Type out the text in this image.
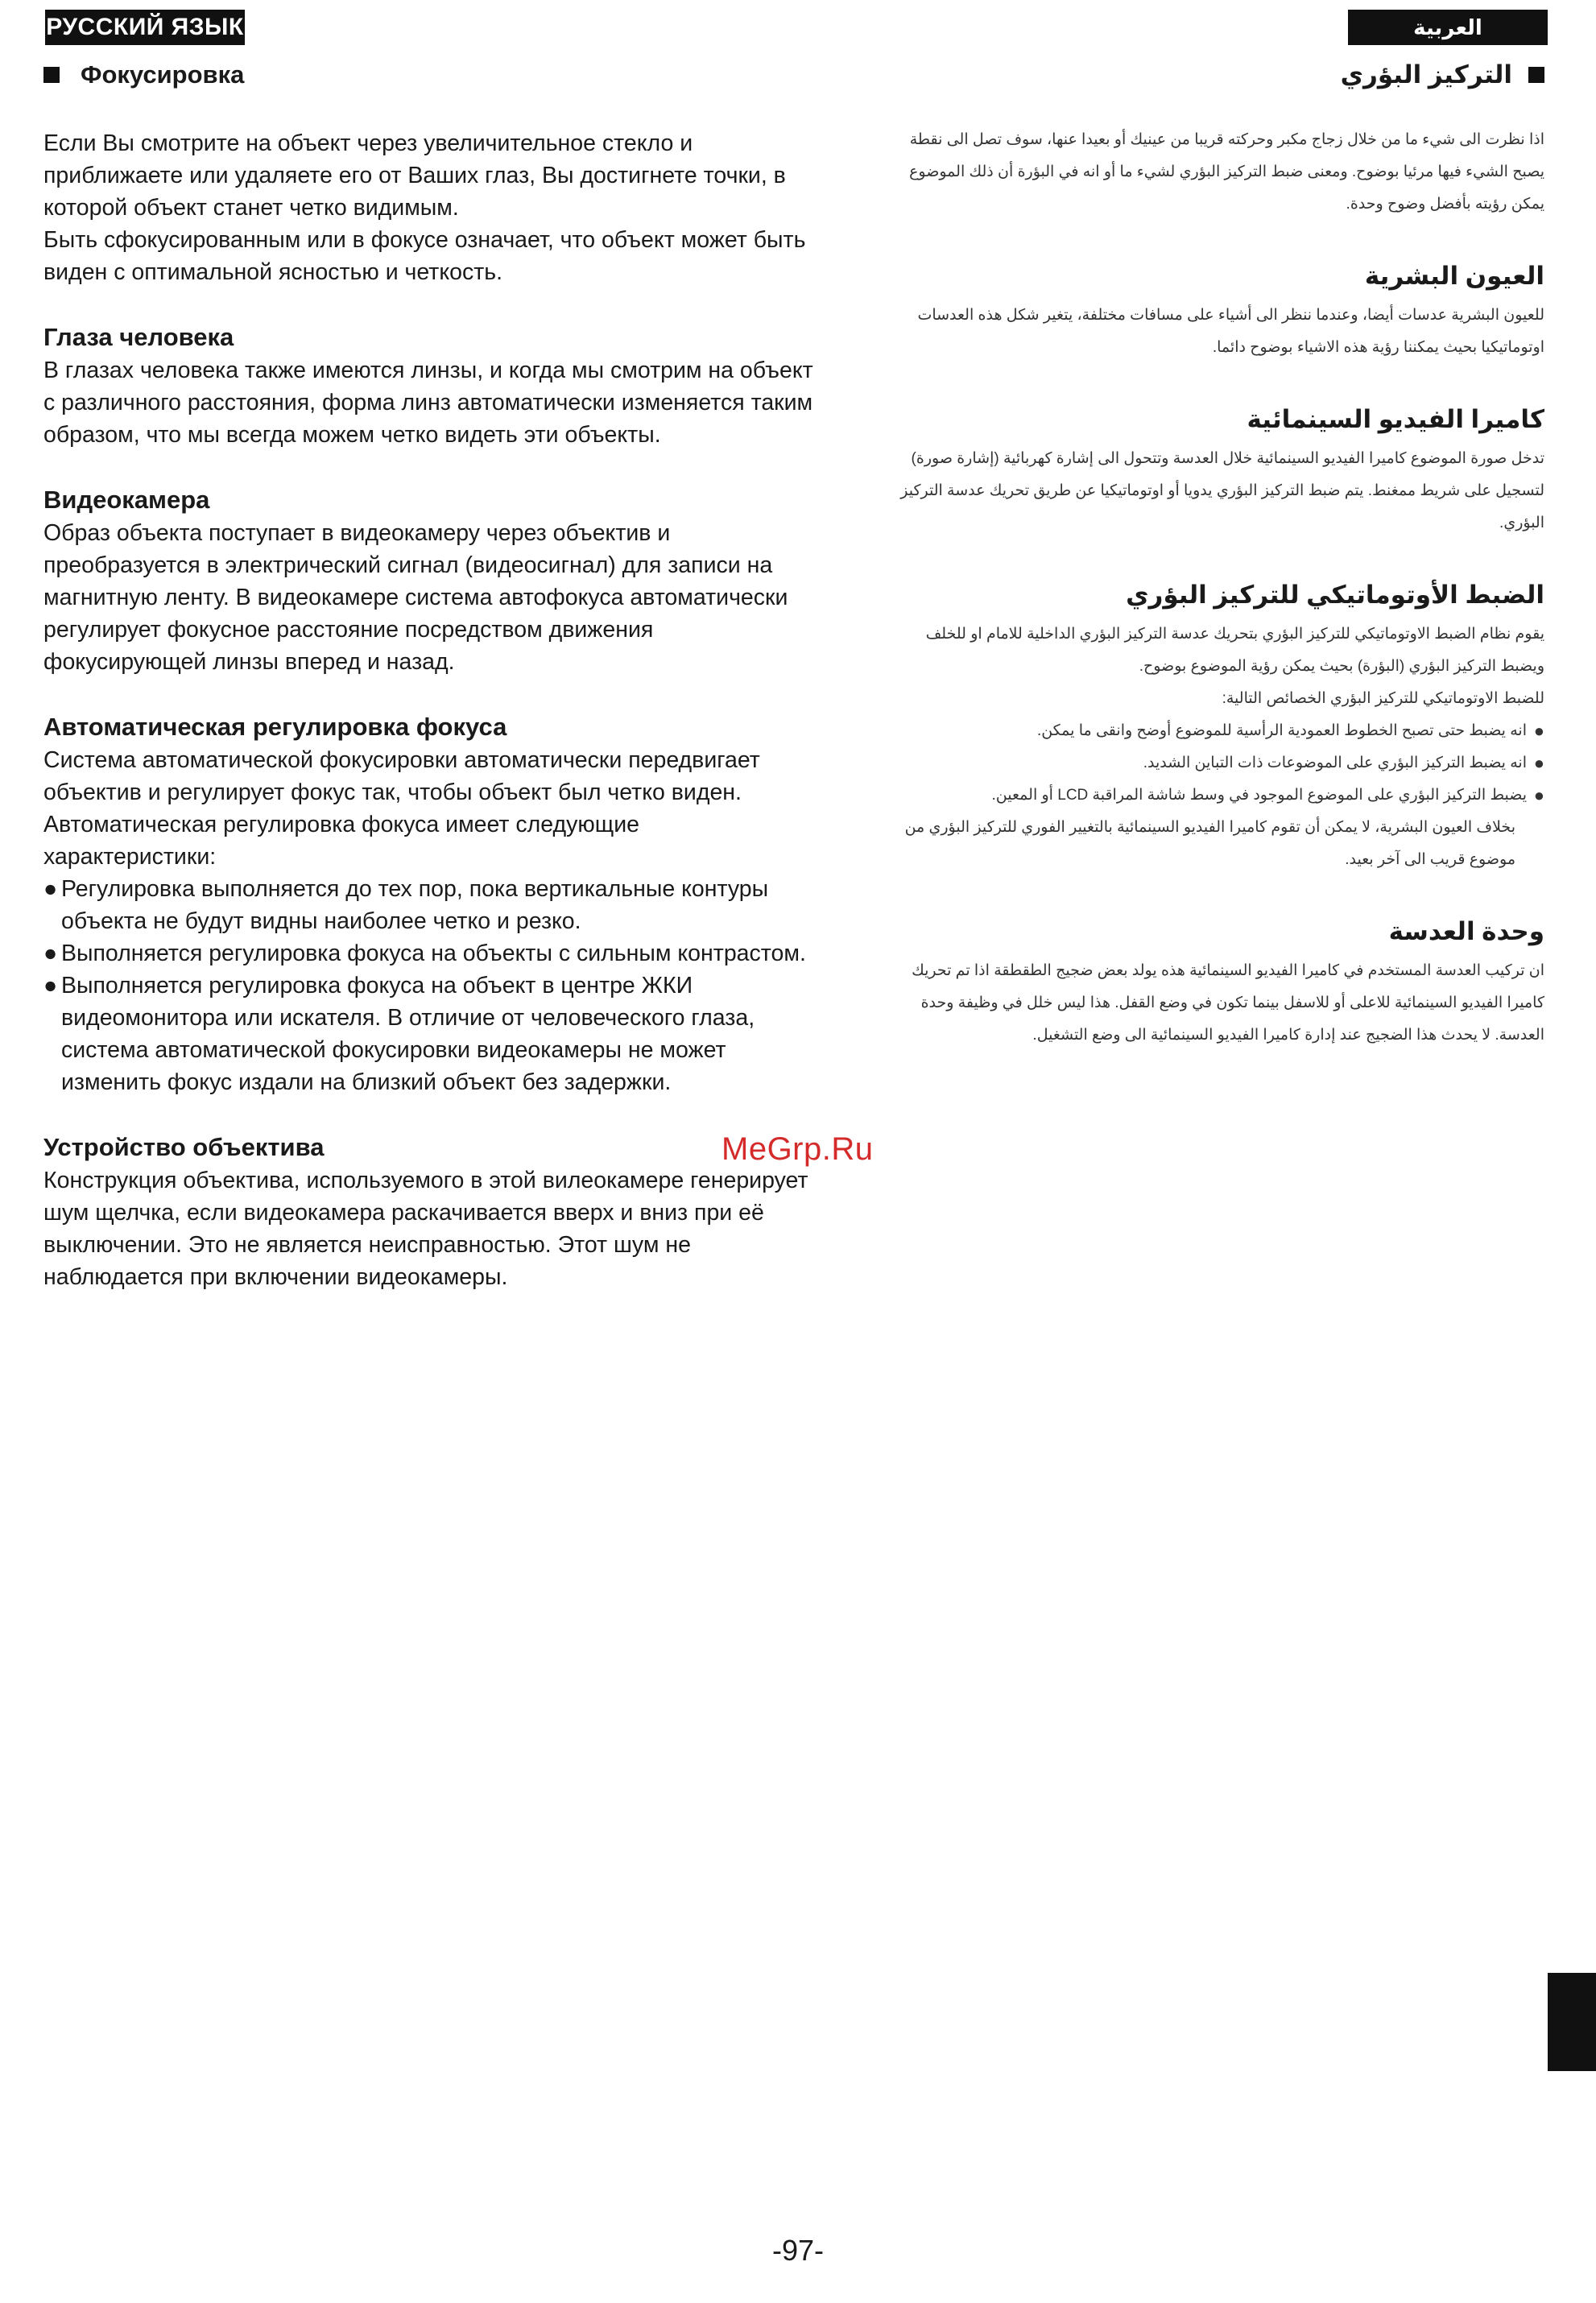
РУССКИЙ ЯЗЫК	العربية
Фокусировка

Если Вы смотрите на объект через увеличительное стекло и приближаете или удаляете его от Ваших глаз, Вы достигнете точки, в которой объект станет четко видимым.

Быть сфокусированным или в фокусе означает, что объект может быть виден с оптимальной ясностью и четкость.

Глаза человека

В глазах человека также имеются линзы, и когда мы смотрим на объект с различного расстояния, форма линз автоматически изменяется таким образом, что мы всегда можем четко видеть эти объекты.

Видеокамера

Образ объекта поступает в видеокамеру через объектив и преобразуется в электрический сигнал (видеосигнал) для записи на магнитную ленту. В видеокамере система автофокуса автоматически регулирует фокусное расстояние посредством движения фокусирующей линзы вперед и назад.

Автоматическая регулировка фокуса

Система автоматической фокусировки автоматически передвигает объектив и регулирует фокус так, чтобы объект был четко виден.

Автоматическая регулировка фокуса имеет следующие характеристики:

● Регулировка выполняется до тех пор, пока вертикальные контуры объекта не будут видны наиболее четко и резко.
● Выполняется регулировка фокуса на объекты с сильным контрастом.
● Выполняется регулировка фокуса на объект в центре ЖКИ видеомонитора или искателя. В отличие от человеческого глаза, система автоматической фокусировки видеокамеры не может изменить фокус издали на близкий объект без задержки.
Устройство объектива

Конструкция объектива, используемого в этой вилеокамере генерирует шум щелчка, если видеокамера раскачивается вверх и вниз при её выключении. Это не является неисправностью. Этот шум не наблюдается при включении видеокамеры.

التركيز البؤري

اذا نظرت الى شيء ما من خلال زجاج مكبر وحركته قريبا من عينيك أو بعيدا عنها، سوف تصل الى نقطة يصبح الشيء فيها مرئيا بوضوح. ومعنى ضبط التركيز البؤري لشيء ما أو انه في البؤرة أن ذلك الموضوع يمكن رؤيته بأفضل وضوح وحدة.

العيون البشرية

للعيون البشرية عدسات أيضا، وعندما ننظر الى أشياء على مسافات مختلفة، يتغير شكل هذه العدسات اوتوماتيكيا بحيث يمكننا رؤية هذه الاشياء بوضوح دائما.

كاميرا الفيديو السينمائية

تدخل صورة الموضوع كاميرا الفيديو السينمائية خلال العدسة وتتحول الى إشارة كهربائية (إشارة صورة) لتسجيل على شريط ممغنط. يتم ضبط التركيز البؤري يدويا أو اوتوماتيكيا عن طريق تحريك عدسة التركيز البؤري.

الضبط الأوتوماتيكي للتركيز البؤري

يقوم نظام الضبط الاوتوماتيكي للتركيز البؤري بتحريك عدسة التركيز البؤري الداخلية للامام او للخلف ويضبط التركيز البؤري (البؤرة) بحيث يمكن رؤية الموضوع بوضوح.

للضبط الاوتوماتيكي للتركيز البؤري الخصائص التالية:

●
انه يضبط حتى تصبح الخطوط العمودية الرأسية للموضوع أوضح وانقى ما يمكن.
●
انه يضبط التركيز البؤري على الموضوعات ذات التباين الشديد.
●
يضبط التركيز البؤري على الموضوع الموجود في وسط شاشة المراقبة LCD أو المعين.

بخلاف العيون البشرية، لا يمكن أن تقوم كاميرا الفيديو السينمائية بالتغيير الفوري للتركيز البؤري من موضوع قريب الى آخر بعيد.

وحدة العدسة

ان تركيب العدسة المستخدم في كاميرا الفيديو السينمائية هذه يولد بعض ضجيج الطقطقة اذا تم تحريك كاميرا الفيديو السينمائية للاعلى أو للاسفل بينما تكون في وضع القفل. هذا ليس خلل في وظيفة وحدة العدسة. لا يحدث هذا الضجيج عند إدارة كاميرا الفيديو السينمائية الى وضع التشغيل.

MeGrp.Ru
-97-
